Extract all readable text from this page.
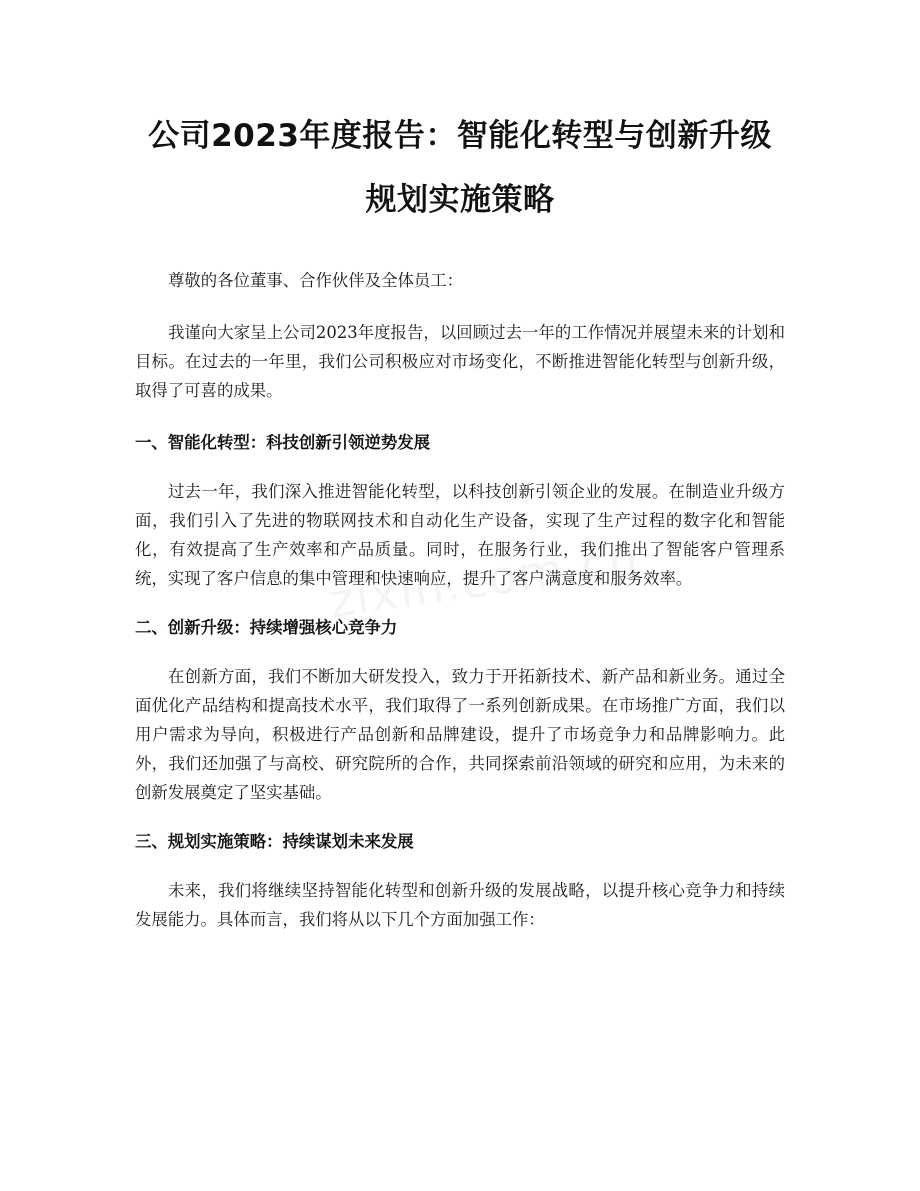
公司2023年度报告：智能化转型与创新升级
规划实施策略

尊敬的各位董事、合作伙伴及全体员工：

我谨向大家呈上公司2023年度报告，以回顾过去一年的工作情况并展望未来的计划和目标。在过去的一年里，我们公司积极应对市场变化，不断推进智能化转型与创新升级，取得了可喜的成果。

一、智能化转型：科技创新引领逆势发展

过去一年，我们深入推进智能化转型，以科技创新引领企业的发展。在制造业升级方面，我们引入了先进的物联网技术和自动化生产设备，实现了生产过程的数字化和智能化，有效提高了生产效率和产品质量。同时，在服务行业，我们推出了智能客户管理系统，实现了客户信息的集中管理和快速响应，提升了客户满意度和服务效率。

二、创新升级：持续增强核心竞争力

在创新方面，我们不断加大研发投入，致力于开拓新技术、新产品和新业务。通过全面优化产品结构和提高技术水平，我们取得了一系列创新成果。在市场推广方面，我们以用户需求为导向，积极进行产品创新和品牌建设，提升了市场竞争力和品牌影响力。此外，我们还加强了与高校、研究院所的合作，共同探索前沿领域的研究和应用，为未来的创新发展奠定了坚实基础。

三、规划实施策略：持续谋划未来发展

未来，我们将继续坚持智能化转型和创新升级的发展战略，以提升核心竞争力和持续发展能力。具体而言，我们将从以下几个方面加强工作：
